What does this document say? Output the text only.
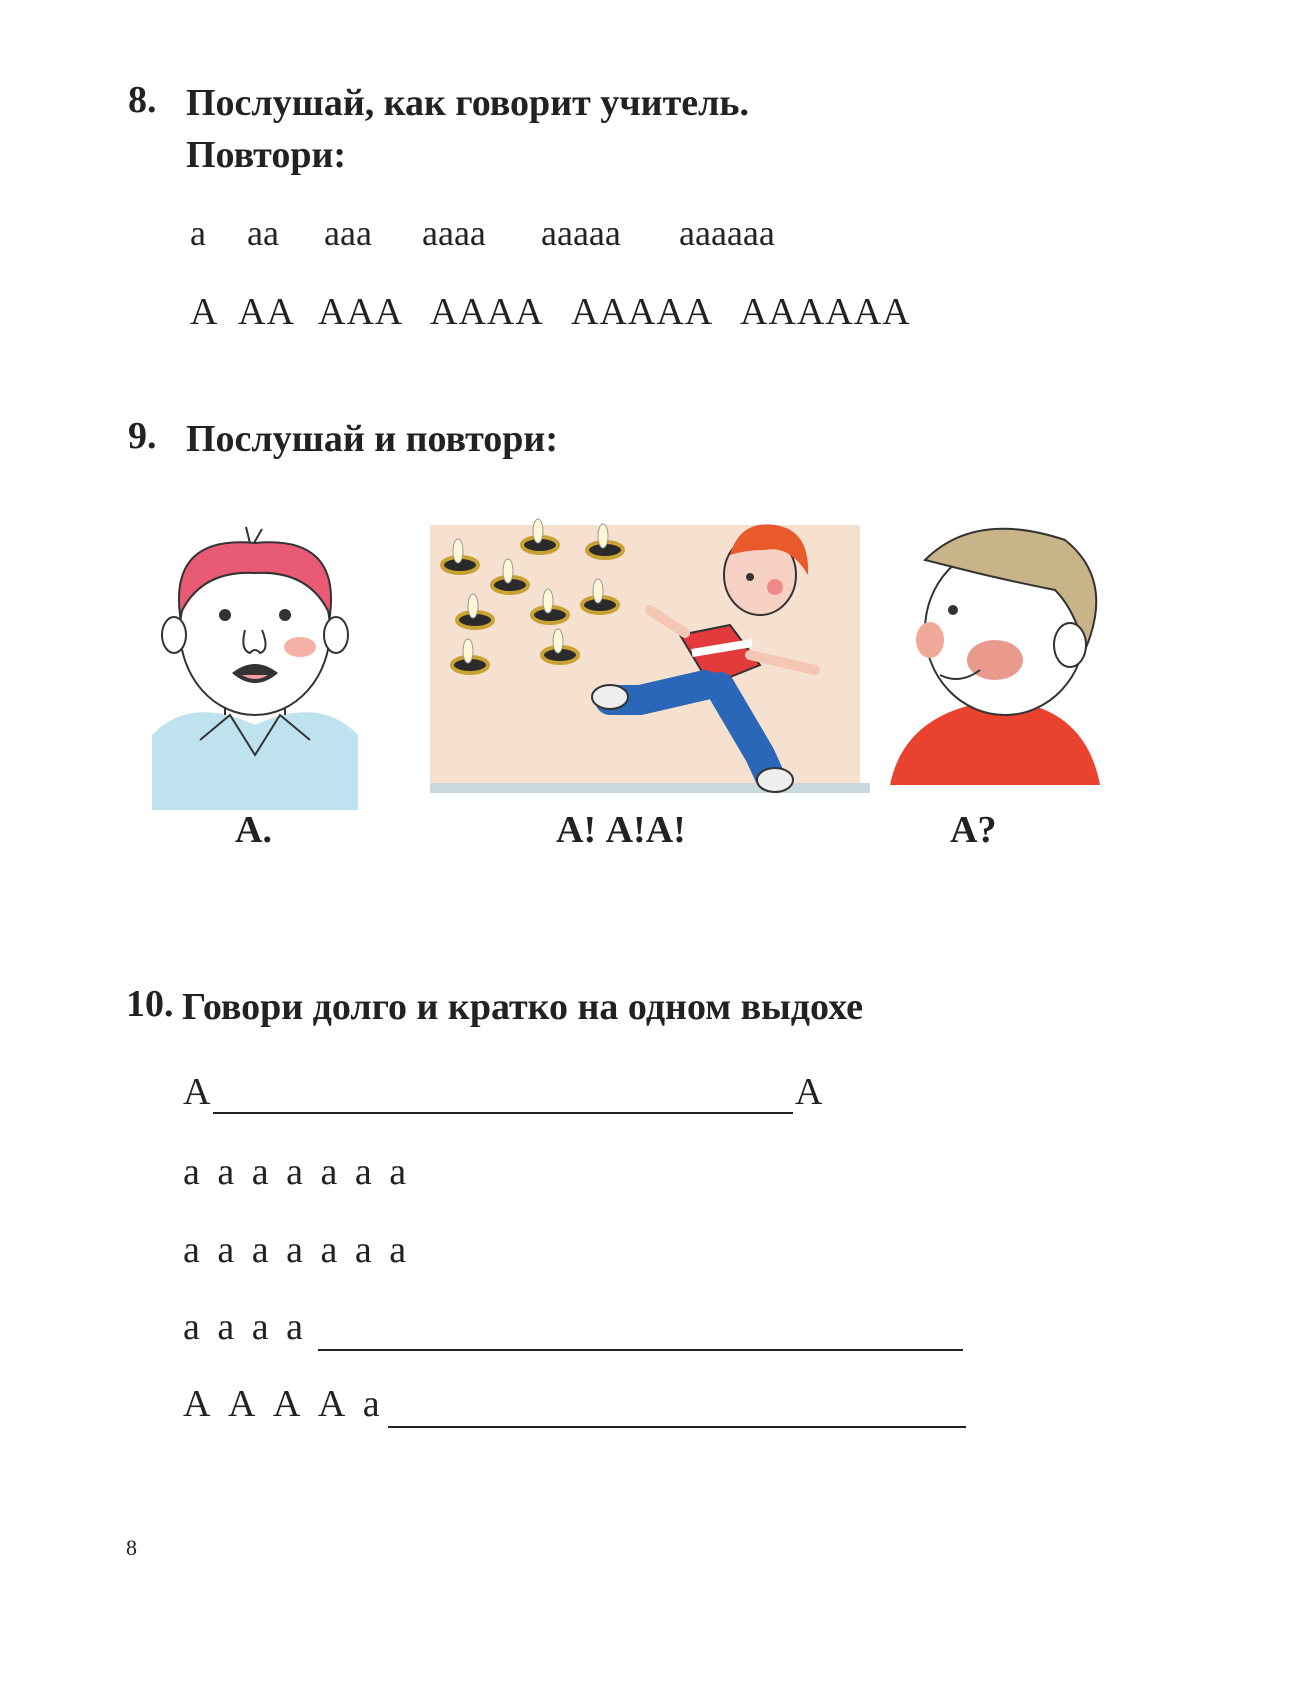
8. Послушай, как говорит учитель.
Повтори:
а аа ааа аааа ааааа аааааа
А АА ААА АААА ААААА АААААА
9. Послушай и повтори:
А.	А! А!А!	А?
10. Говори долго и кратко на одном выдохе
А	А
а а а а а а а
а а а а а а а
а а а а
А А А А а
8
